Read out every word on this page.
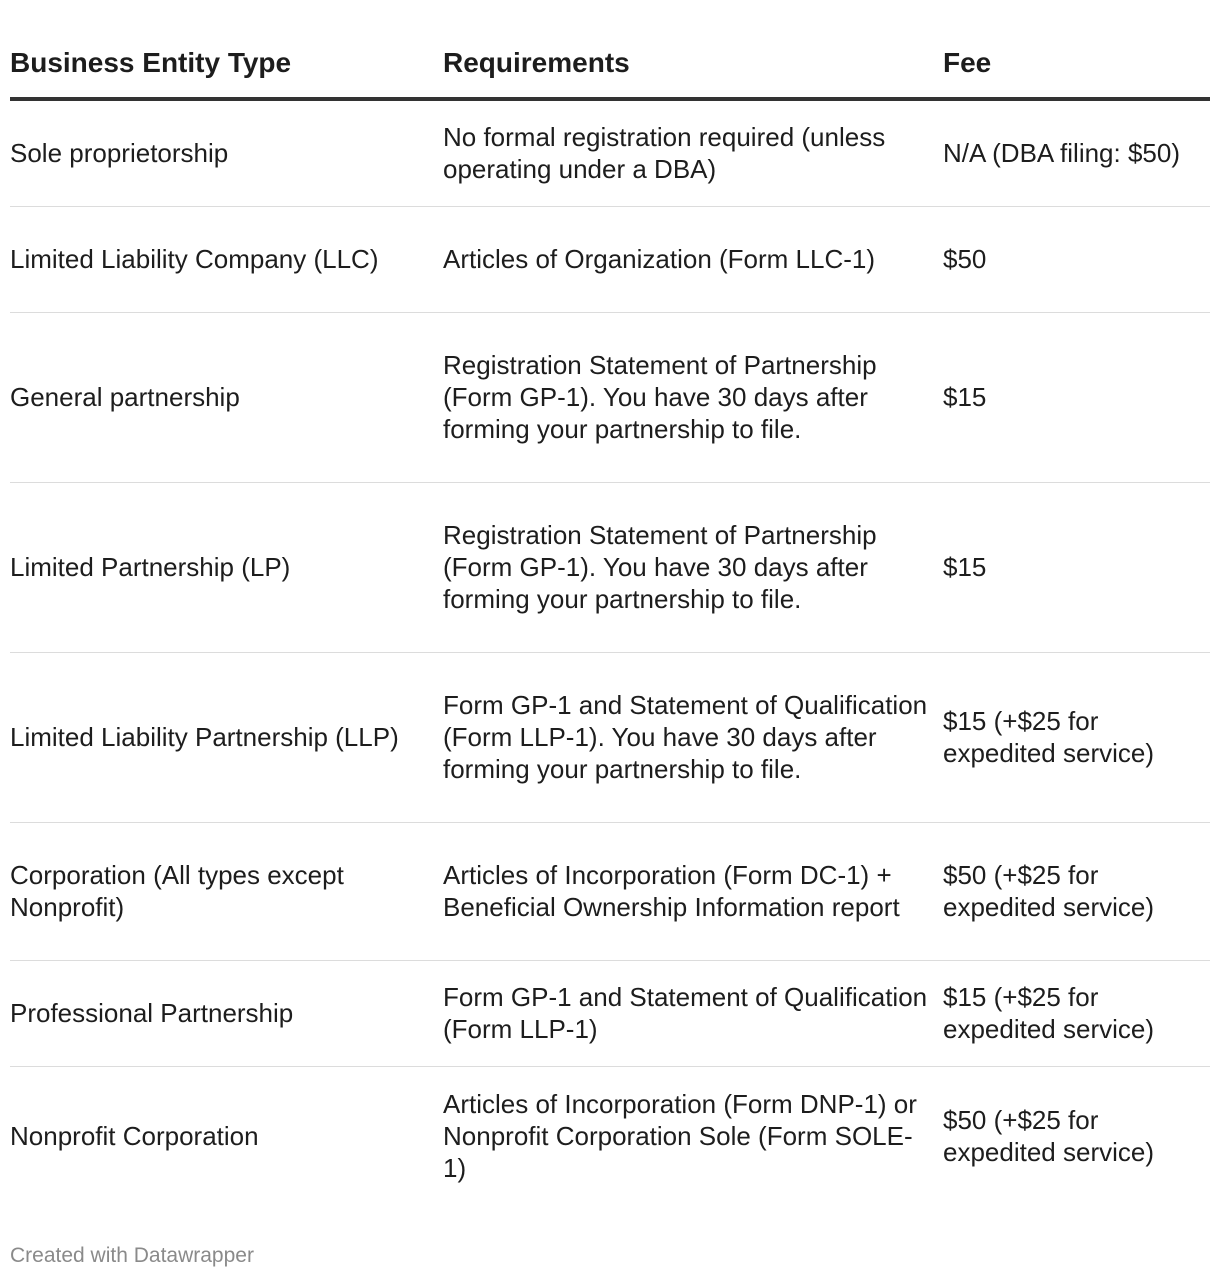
Business Entity Type	Requirements	Fee
Sole proprietorship	No formal registration required (unless operating under a DBA)	N/A (DBA filing: $50)
Limited Liability Company (LLC)	Articles of Organization (Form LLC-1)	$50
General partnership	Registration Statement of Partnership (Form GP-1). You have 30 days after forming your partnership to file.	$15
Limited Partnership (LP)	Registration Statement of Partnership (Form GP-1). You have 30 days after forming your partnership to file.	$15
Limited Liability Partnership (LLP)	Form GP-1 and Statement of Qualification (Form LLP-1). You have 30 days after forming your partnership to file.	$15 (+$25 for expedited service)
Corporation (All types except Nonprofit)	Articles of Incorporation (Form DC-1) + Beneficial Ownership Information report	$50 (+$25 for expedited service)
Professional Partnership	Form GP-1 and Statement of Qualification (Form LLP-1)	$15 (+$25 for expedited service)
Nonprofit Corporation	Articles of Incorporation (Form DNP-1) or Nonprofit Corporation Sole (Form SOLE-1)	$50 (+$25 for expedited service)
Created with Datawrapper
